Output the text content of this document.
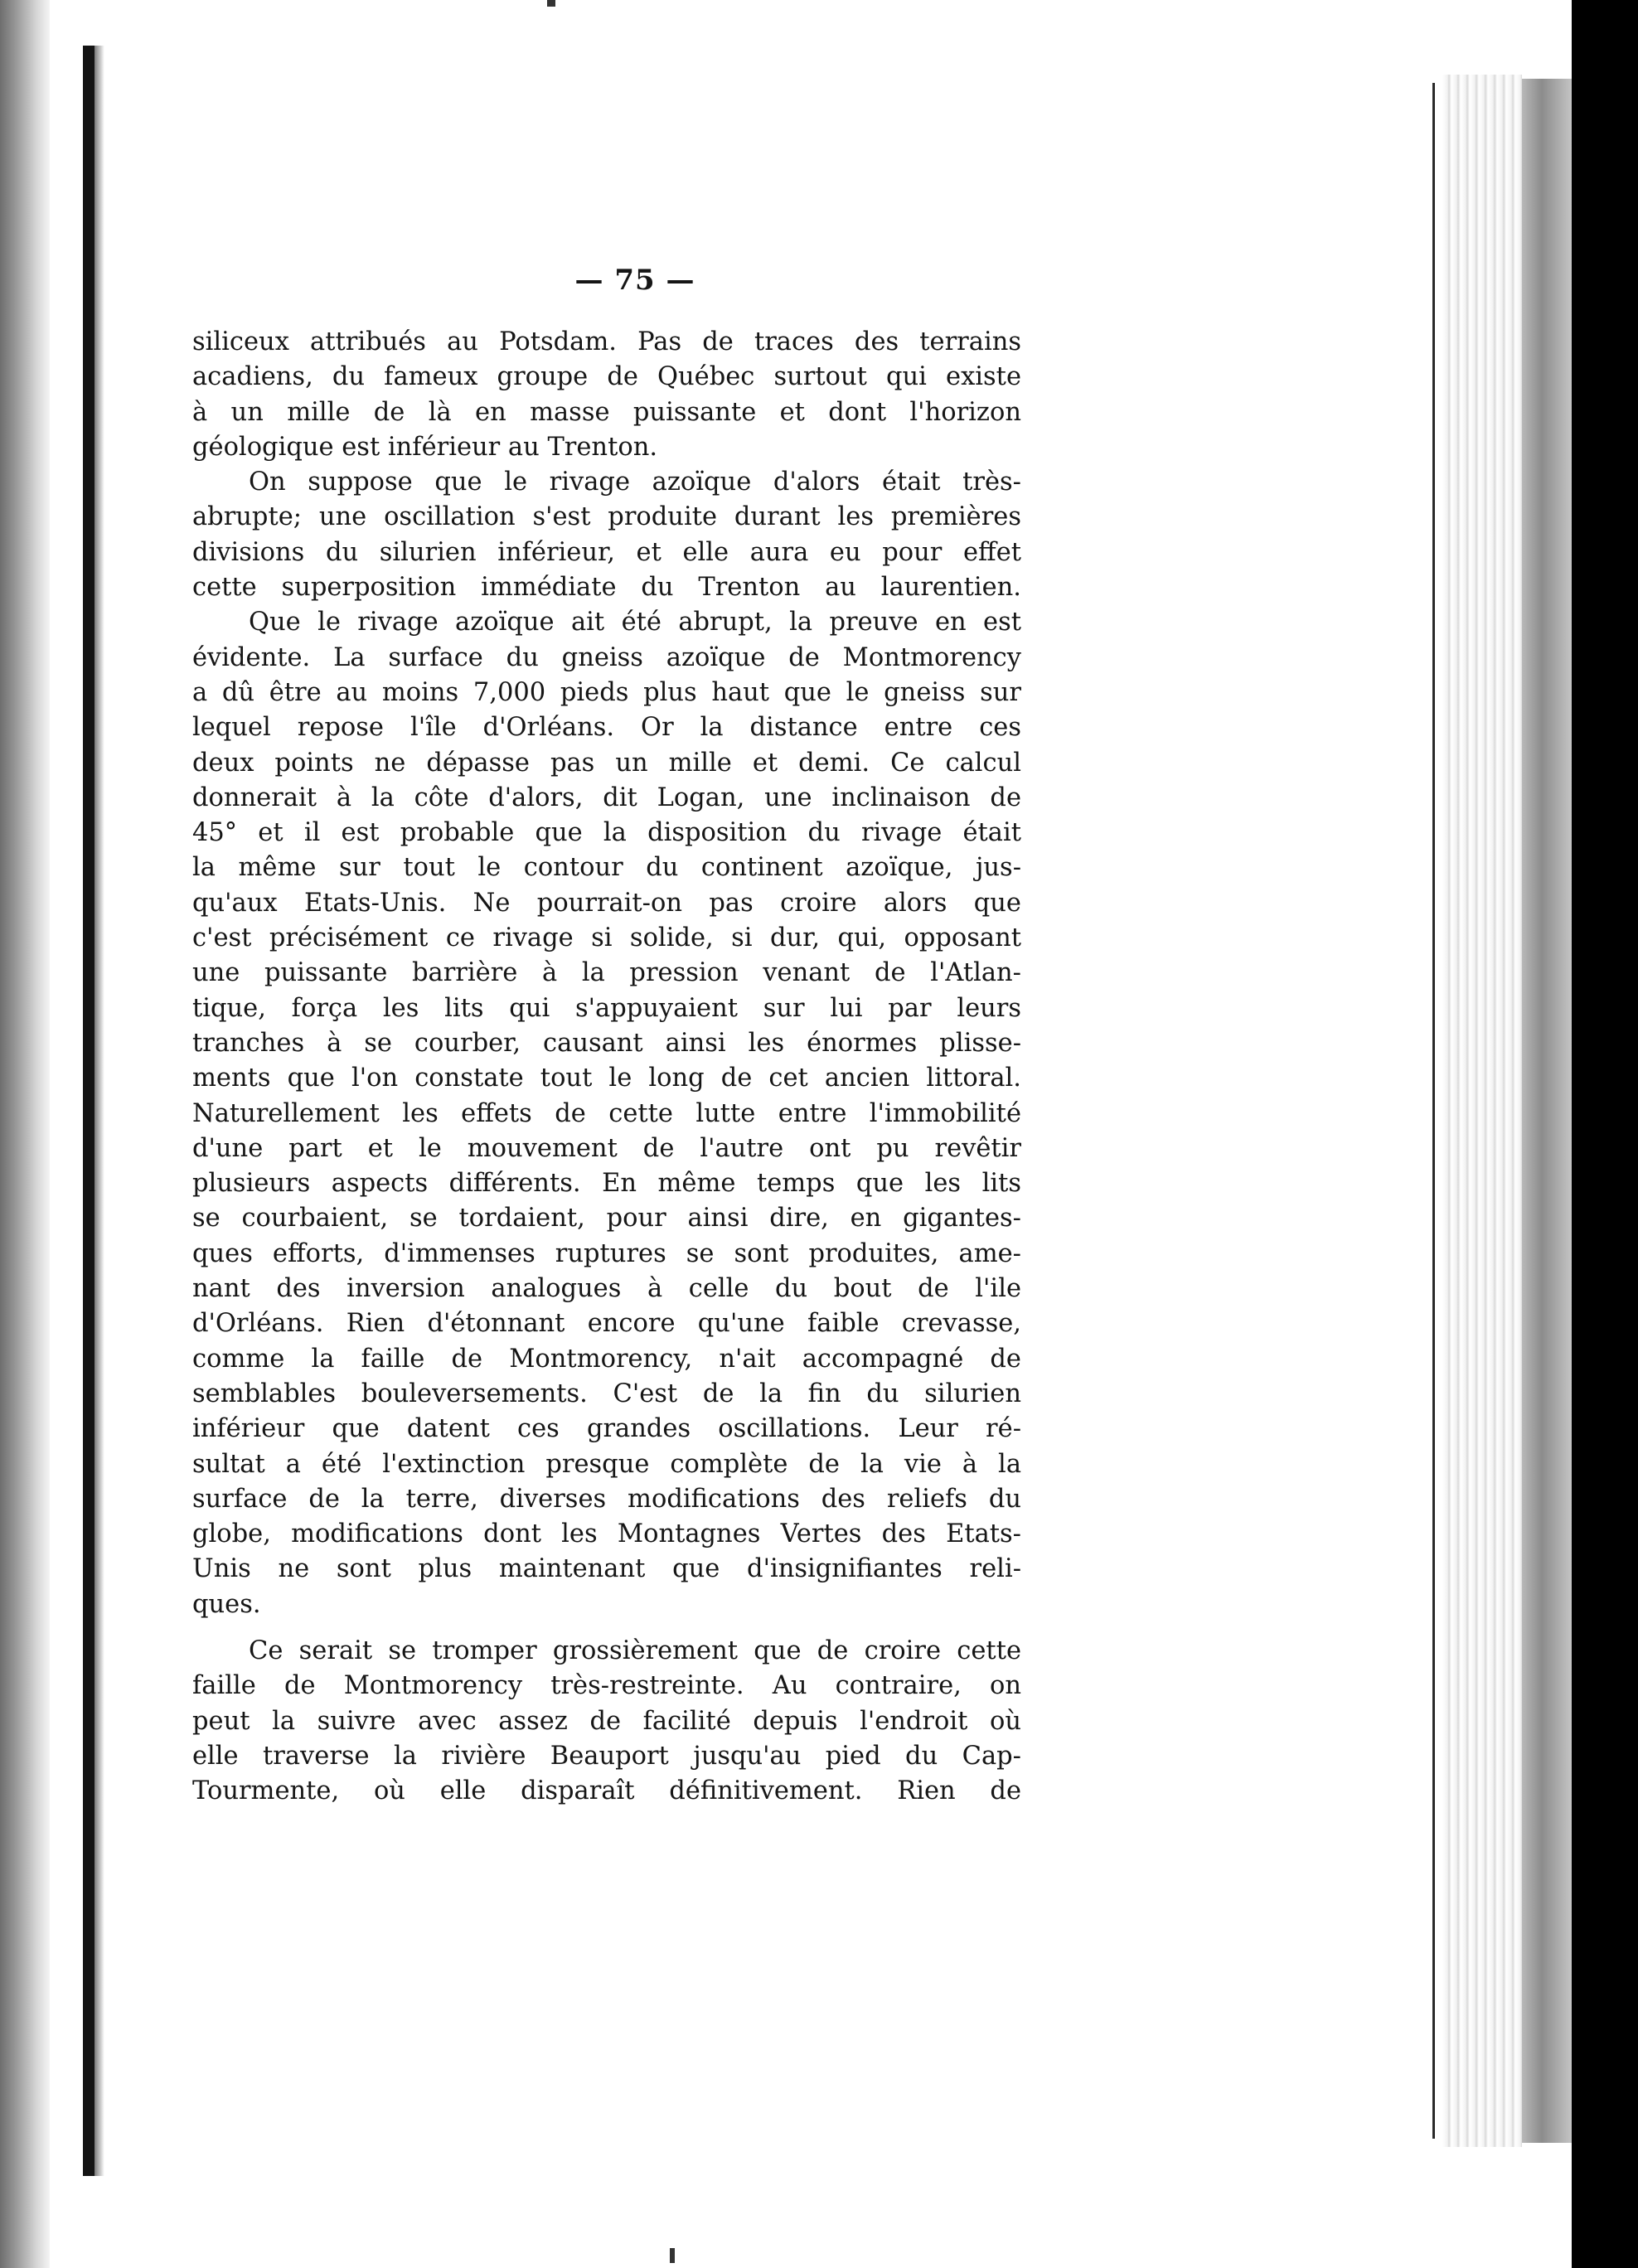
— 75 —
siliceux attribués au Potsdam. Pas de traces des terrains
acadiens, du fameux groupe de Québec surtout qui existe
à un mille de là en masse puissante et dont l'horizon
géologique est inférieur au Trenton.
On suppose que le rivage azoïque d'alors était très-
abrupte; une oscillation s'est produite durant les premières
divisions du silurien inférieur, et elle aura eu pour effet
cette superposition immédiate du Trenton au laurentien.
Que le rivage azoïque ait été abrupt, la preuve en est
évidente. La surface du gneiss azoïque de Montmorency
a dû être au moins 7,000 pieds plus haut que le gneiss sur
lequel repose l'île d'Orléans. Or la distance entre ces
deux points ne dépasse pas un mille et demi. Ce calcul
donnerait à la côte d'alors, dit Logan, une inclinaison de
45° et il est probable que la disposition du rivage était
la même sur tout le contour du continent azoïque, jus-
qu'aux Etats-Unis. Ne pourrait-on pas croire alors que
c'est précisément ce rivage si solide, si dur, qui, opposant
une puissante barrière à la pression venant de l'Atlan-
tique, força les lits qui s'appuyaient sur lui par leurs
tranches à se courber, causant ainsi les énormes plisse-
ments que l'on constate tout le long de cet ancien littoral.
Naturellement les effets de cette lutte entre l'immobilité
d'une part et le mouvement de l'autre ont pu revêtir
plusieurs aspects différents. En même temps que les lits
se courbaient, se tordaient, pour ainsi dire, en gigantes-
ques efforts, d'immenses ruptures se sont produites, ame-
nant des inversion analogues à celle du bout de l'ile
d'Orléans. Rien d'étonnant encore qu'une faible crevasse,
comme la faille de Montmorency, n'ait accompagné de
semblables bouleversements. C'est de la fin du silurien
inférieur que datent ces grandes oscillations. Leur ré-
sultat a été l'extinction presque complète de la vie à la
surface de la terre, diverses modifications des reliefs du
globe, modifications dont les Montagnes Vertes des Etats-
Unis ne sont plus maintenant que d'insignifiantes reli-
ques.
Ce serait se tromper grossièrement que de croire cette
faille de Montmorency très-restreinte. Au contraire, on
peut la suivre avec assez de facilité depuis l'endroit où
elle traverse la rivière Beauport jusqu'au pied du Cap-
Tourmente, où elle disparaît définitivement. Rien de
